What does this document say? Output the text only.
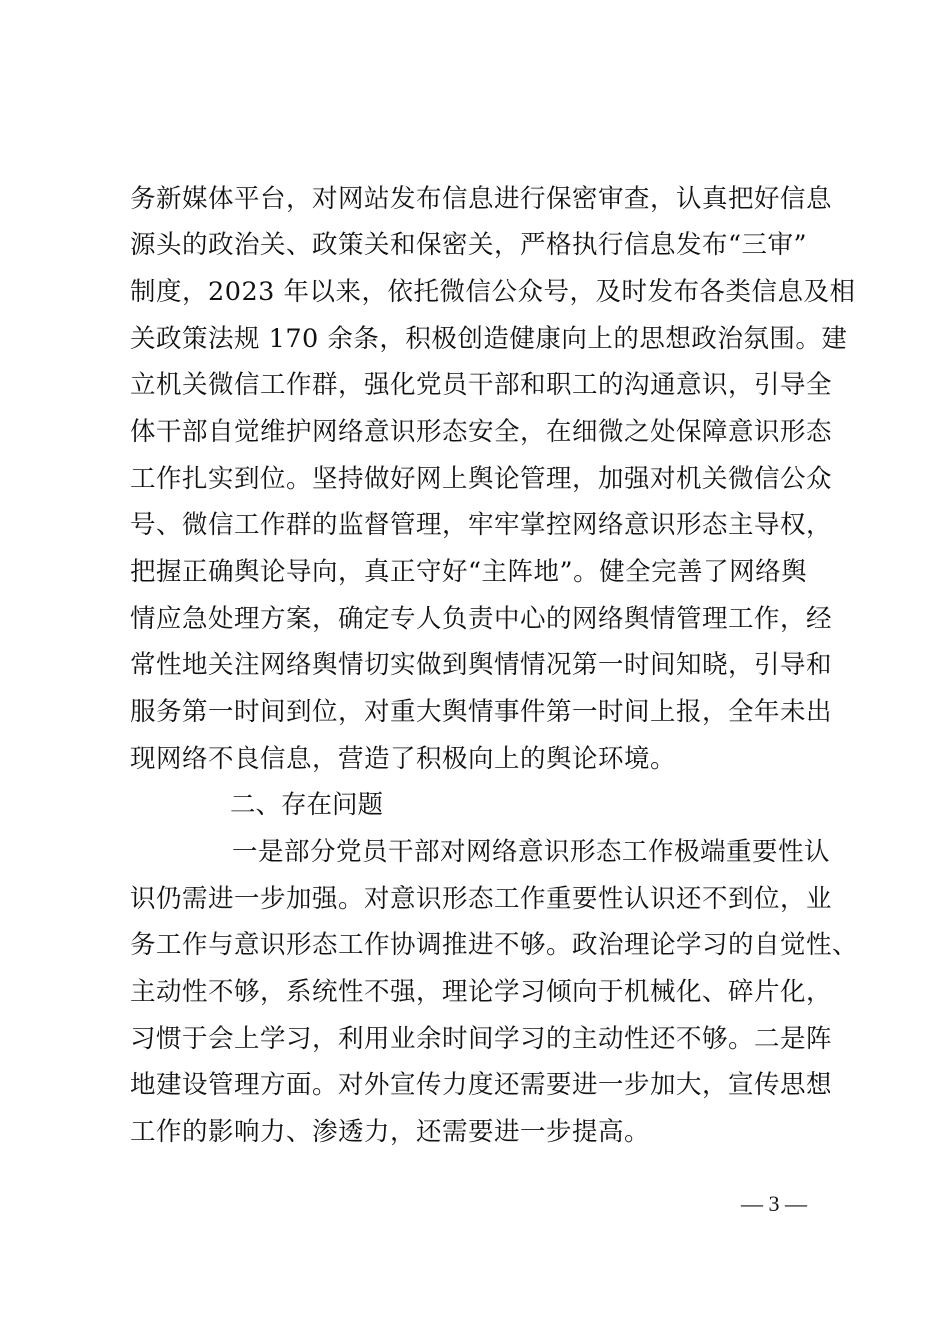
务新媒体平台，对网站发布信息进行保密审查，认真把好信息
源头的政治关、政策关和保密关，严格执行信息发布“三审”
制度，2023 年以来，依托微信公众号，及时发布各类信息及相
关政策法规 170 余条，积极创造健康向上的思想政治氛围。建
立机关微信工作群，强化党员干部和职工的沟通意识，引导全
体干部自觉维护网络意识形态安全，在细微之处保障意识形态
工作扎实到位。坚持做好网上舆论管理，加强对机关微信公众
号、微信工作群的监督管理，牢牢掌控网络意识形态主导权，
把握正确舆论导向，真正守好“主阵地”。健全完善了网络舆
情应急处理方案，确定专人负责中心的网络舆情管理工作，经
常性地关注网络舆情切实做到舆情情况第一时间知晓，引导和
服务第一时间到位，对重大舆情事件第一时间上报，全年未出
现网络不良信息，营造了积极向上的舆论环境。
二、存在问题
一是部分党员干部对网络意识形态工作极端重要性认
识仍需进一步加强。对意识形态工作重要性认识还不到位，业
务工作与意识形态工作协调推进不够。政治理论学习的自觉性、
主动性不够，系统性不强，理论学习倾向于机械化、碎片化，
习惯于会上学习，利用业余时间学习的主动性还不够。二是阵
地建设管理方面。对外宣传力度还需要进一步加大，宣传思想
工作的影响力、渗透力，还需要进一步提高。
— 3 —
